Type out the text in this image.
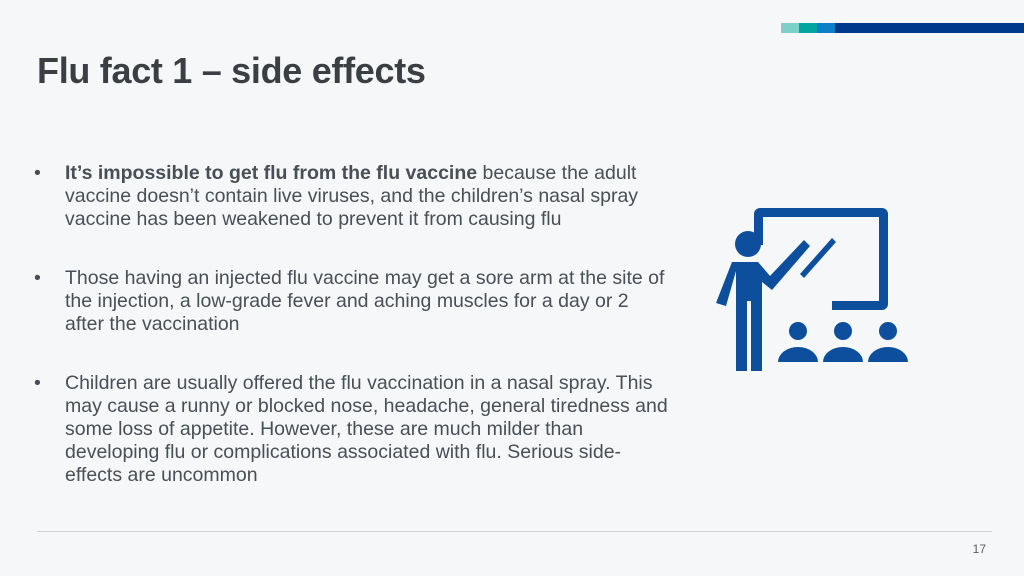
Flu fact 1 – side effects
• It’s impossible to get flu from the flu vaccine because the adult vaccine doesn’t contain live viruses, and the children’s nasal spray vaccine has been weakened to prevent it from causing flu
• Those having an injected flu vaccine may get a sore arm at the site of the injection, a low-grade fever and aching muscles for a day or 2 after the vaccination
• Children are usually offered the flu vaccination in a nasal spray. This may cause a runny or blocked nose, headache, general tiredness and some loss of appetite. However, these are much milder than developing flu or complications associated with flu. Serious side-effects are uncommon
17
